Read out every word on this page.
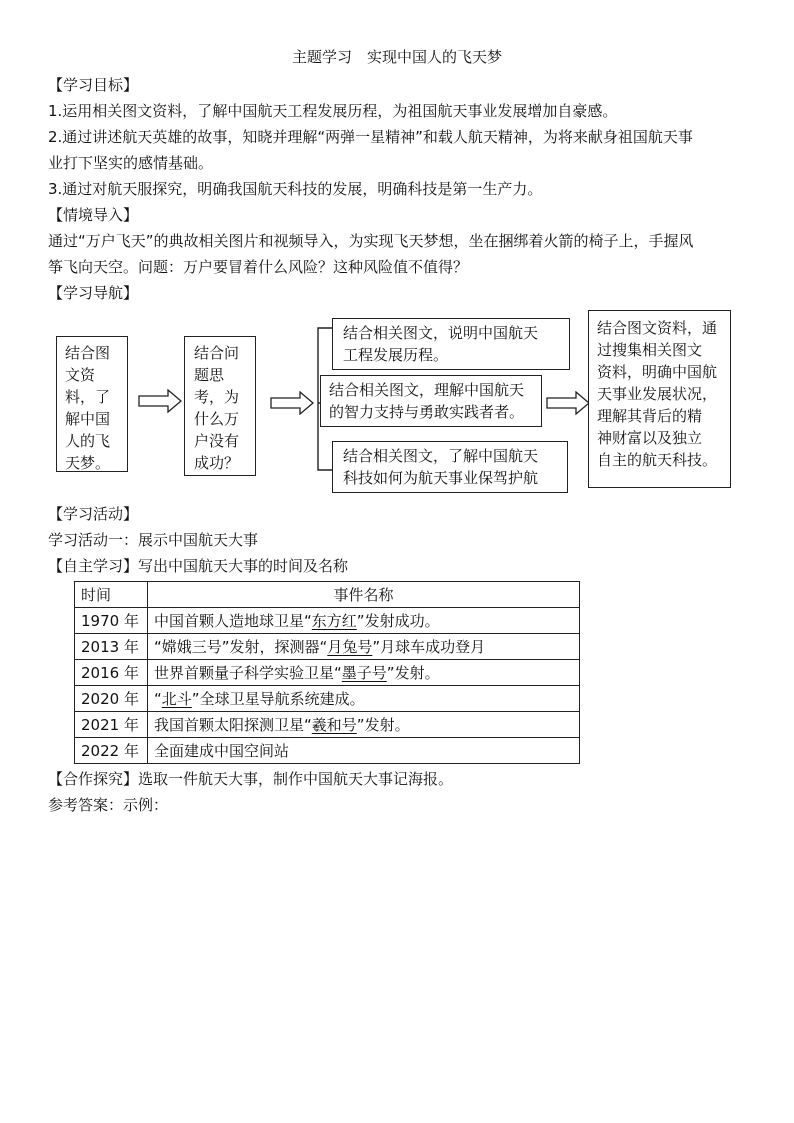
主题学习　实现中国人的飞天梦
【学习目标】
1.运用相关图文资料，了解中国航天工程发展历程，为祖国航天事业发展增加自豪感。
2.通过讲述航天英雄的故事，知晓并理解“两弹一星精神”和载人航天精神，为将来献身祖国航天事
业打下坚实的感情基础。
3.通过对航天服探究，明确我国航天科技的发展，明确科技是第一生产力。
【情境导入】
通过“万户飞天”的典故相关图片和视频导入，为实现飞天梦想，坐在捆绑着火箭的椅子上，手握风
筝飞向天空。问题：万户要冒着什么风险？这种风险值不值得？
【学习导航】
结合图
文资
料，了
解中国
人的飞
天梦。
结合问
题思
考，为
什么万
户没有
成功？
结合相关图文，说明中国航天
工程发展历程。
结合相关图文，理解中国航天
的智力支持与勇敢实践者者。
结合相关图文，了解中国航天
科技如何为航天事业保驾护航
结合图文资料，通
过搜集相关图文
资料，明确中国航
天事业发展状况，
理解其背后的精
神财富以及独立
自主的航天科技。
【学习活动】
学习活动一：展示中国航天大事
【自主学习】写出中国航天大事的时间及名称
时间	事件名称
1970 年	中国首颗人造地球卫星“东方红”发射成功。
2013 年	“嫦娥三号”发射，探测器“月兔号”月球车成功登月
2016 年	世界首颗量子科学实验卫星“墨子号”发射。
2020 年	“北斗”全球卫星导航系统建成。
2021 年	我国首颗太阳探测卫星“羲和号”发射。
2022 年	全面建成中国空间站
【合作探究】选取一件航天大事，制作中国航天大事记海报。
参考答案：示例：
